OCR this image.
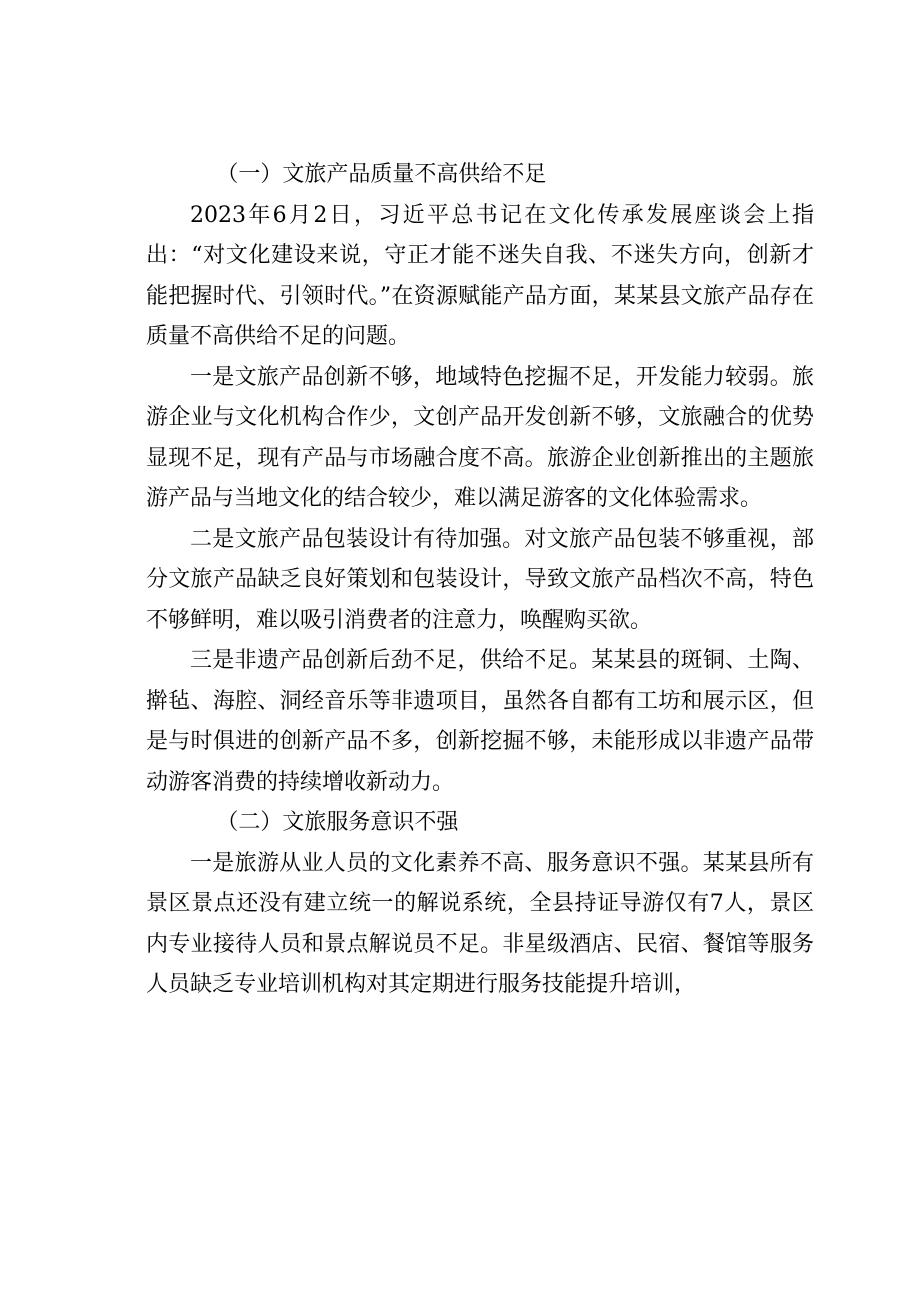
（一）文旅产品质量不高供给不足

2023年6月2日，习近平总书记在文化传承发展座谈会上指出：“对文化建设来说，守正才能不迷失自我、不迷失方向，创新才能把握时代、引领时代。”在资源赋能产品方面，某某县文旅产品存在质量不高供给不足的问题。

一是文旅产品创新不够，地域特色挖掘不足，开发能力较弱。旅游企业与文化机构合作少，文创产品开发创新不够，文旅融合的优势显现不足，现有产品与市场融合度不高。旅游企业创新推出的主题旅游产品与当地文化的结合较少，难以满足游客的文化体验需求。

二是文旅产品包装设计有待加强。对文旅产品包装不够重视，部分文旅产品缺乏良好策划和包装设计，导致文旅产品档次不高，特色不够鲜明，难以吸引消费者的注意力，唤醒购买欲。

三是非遗产品创新后劲不足，供给不足。某某县的斑铜、土陶、擀毡、海腔、洞经音乐等非遗项目，虽然各自都有工坊和展示区，但是与时俱进的创新产品不多，创新挖掘不够，未能形成以非遗产品带动游客消费的持续增收新动力。

（二）文旅服务意识不强

一是旅游从业人员的文化素养不高、服务意识不强。某某县所有景区景点还没有建立统一的解说系统，全县持证导游仅有7人，景区内专业接待人员和景点解说员不足。非星级酒店、民宿、餐馆等服务人员缺乏专业培训机构对其定期进行服务技能提升培训，
